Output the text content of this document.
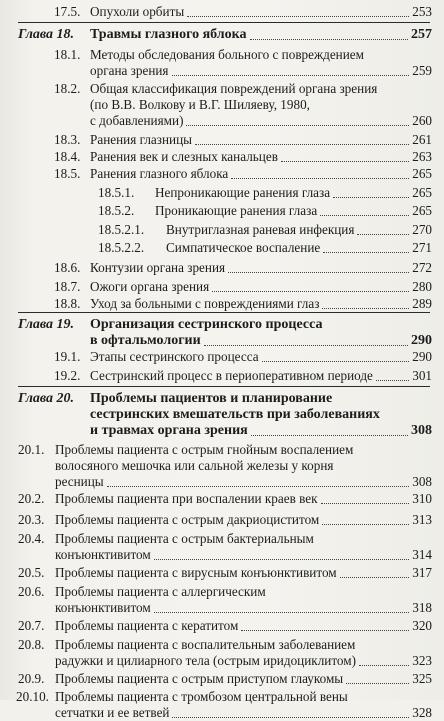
17.5. Опухоли орбиты	253
Глава 18. Травмы глазного яблока	257
18.1. Методы обследования больного с повреждением
органа зрения	259
18.2. Общая классификация повреждений органа зрения
(по В.В. Волкову и В.Г. Шиляеву, 1980,
с добавлениями)	260
18.3. Ранения глазницы	261
18.4. Ранения век и слезных канальцев	263
18.5. Ранения глазного яблока	265
18.5.1. Непроникающие ранения глаза	265
18.5.2. Проникающие ранения глаза	265
18.5.2.1. Внутриглазная раневая инфекция	270
18.5.2.2. Симпатическое воспаление	271
18.6. Контузии органа зрения	272
18.7. Ожоги органа зрения	280
18.8. Уход за больными с повреждениями глаз	289
Глава 19. Организация сестринского процесса
в офтальмологии	290
19.1. Этапы сестринского процесса	290
19.2. Сестринский процесс в периоперативном периоде	301
Глава 20. Проблемы пациентов и планирование
сестринских вмешательств при заболеваниях
и травмах органа зрения	308
20.1. Проблемы пациента с острым гнойным воспалением
волосяного мешочка или сальной железы у корня
ресницы	308
20.2. Проблемы пациента при воспалении краев век	310
20.3. Проблемы пациента с острым дакриоциститом	313
20.4. Проблемы пациента с острым бактериальным
конъюнктивитом	314
20.5. Проблемы пациента с вирусным конъюнктивитом	317
20.6. Проблемы пациента с аллергическим
конъюнктивитом	318
20.7. Проблемы пациента с кератитом	320
20.8. Проблемы пациента с воспалительным заболеванием
радужки и цилиарного тела (острым иридоциклитом)	323
20.9. Проблемы пациента с острым приступом глаукомы	325
20.10. Проблемы пациента с тромбозом центральной вены
сетчатки и ее ветвей	328
